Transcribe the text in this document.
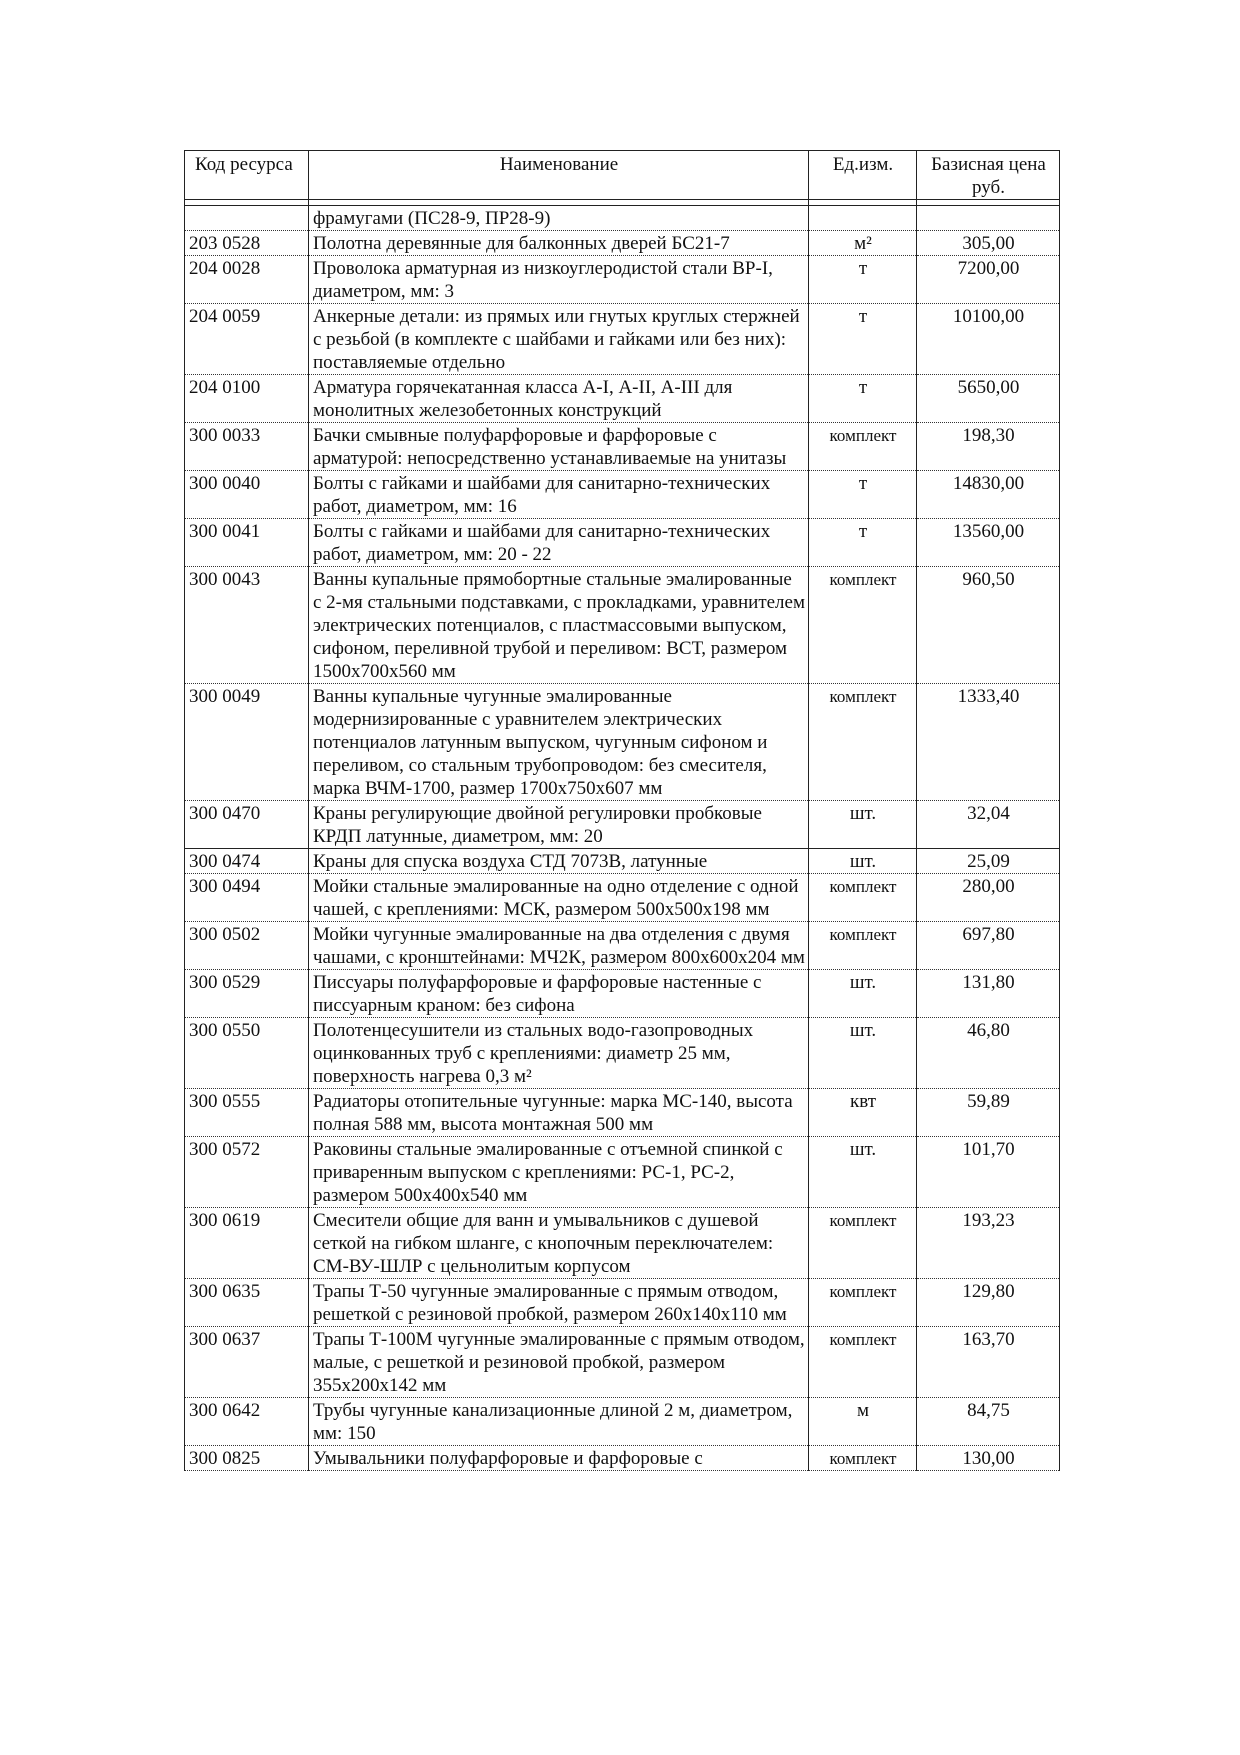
Код ресурса	Наименование	Ед.изм.	Базисная цена руб.

	фрамугами (ПС28-9, ПР28-9)		
203 0528	Полотна деревянные для балконных дверей БС21-7	м²	305,00
204 0028	Проволока арматурная из низкоуглеродистой стали ВР-I, диаметром, мм: 3	т	7200,00
204 0059	Анкерные детали: из прямых или гнутых круглых стержней с резьбой (в комплекте с шайбами и гайками или без них): поставляемые отдельно	т	10100,00
204 0100	Арматура горячекатанная класса А-I, А-II, А-III для монолитных железобетонных конструкций	т	5650,00
300 0033	Бачки смывные полуфарфоровые и фарфоровые с арматурой: непосредственно устанавливаемые на унитазы	комплект	198,30
300 0040	Болты с гайками и шайбами для санитарно-технических работ, диаметром, мм: 16	т	14830,00
300 0041	Болты с гайками и шайбами для санитарно-технических работ, диаметром, мм: 20 - 22	т	13560,00
300 0043	Ванны купальные прямобортные стальные эмалированные с 2-мя стальными подставками, с прокладками, уравнителем электрических потенциалов, с пластмассовыми выпуском, сифоном, переливной трубой и переливом: ВСТ, размером 1500x700x560 мм	комплект	960,50
300 0049	Ванны купальные чугунные эмалированные модернизированные с уравнителем электрических потенциалов латунным выпуском, чугунным сифоном и переливом, со стальным трубопроводом: без смесителя, марка ВЧМ-1700, размер 1700x750x607 мм	комплект	1333,40
300 0470	Краны регулирующие двойной регулировки пробковые КРДП латунные, диаметром, мм: 20	шт.	32,04
300 0474	Краны для спуска воздуха СТД 7073В, латунные	шт.	25,09
300 0494	Мойки стальные эмалированные на одно отделение с одной чашей, с креплениями: МСК, размером 500x500x198 мм	комплект	280,00
300 0502	Мойки чугунные эмалированные на два отделения с двумя чашами, с кронштейнами: МЧ2К, размером 800x600x204 мм	комплект	697,80
300 0529	Писсуары полуфарфоровые и фарфоровые настенные с писсуарным краном: без сифона	шт.	131,80
300 0550	Полотенцесушители из стальных водо-газопроводных оцинкованных труб с креплениями: диаметр 25 мм, поверхность нагрева 0,3 м²	шт.	46,80
300 0555	Радиаторы отопительные чугунные: марка МС-140, высота полная 588 мм, высота монтажная 500 мм	квт	59,89
300 0572	Раковины стальные эмалированные с отъемной спинкой с приваренным выпуском с креплениями: РС-1, РС-2, размером 500x400x540 мм	шт.	101,70
300 0619	Смесители общие для ванн и умывальников с душевой сеткой на гибком шланге, с кнопочным переключателем: СМ-ВУ-ШЛР с цельнолитым корпусом	комплект	193,23
300 0635	Трапы Т-50 чугунные эмалированные с прямым отводом, решеткой с резиновой пробкой, размером 260x140x110 мм	комплект	129,80
300 0637	Трапы Т-100М чугунные эмалированные с прямым отводом, малые, с решеткой и резиновой пробкой, размером 355x200x142 мм	комплект	163,70
300 0642	Трубы чугунные канализационные длиной 2 м, диаметром, мм: 150	м	84,75
300 0825	Умывальники полуфарфоровые и фарфоровые с	комплект	130,00
